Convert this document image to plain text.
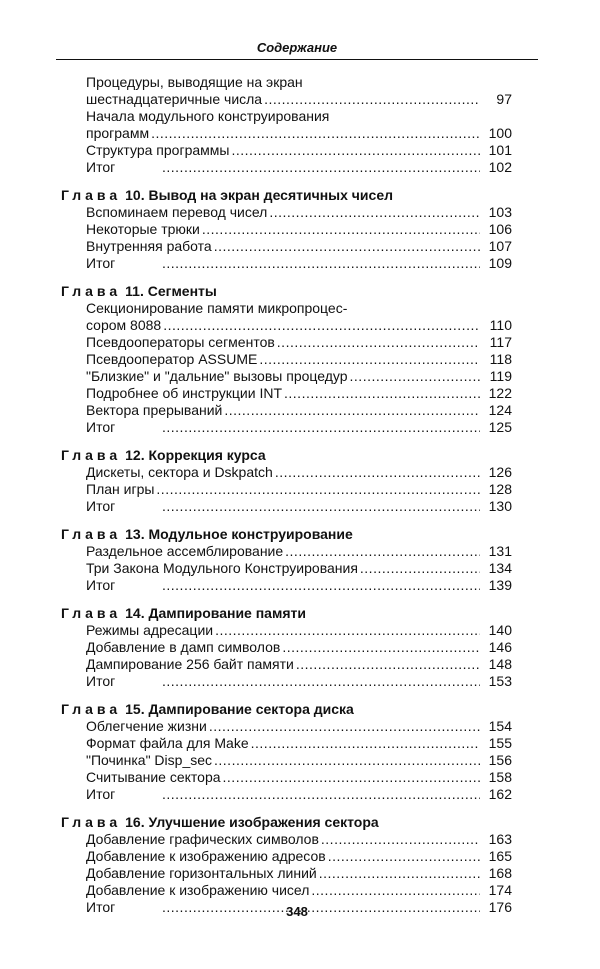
Содержание
Процедуры, выводящие на экран
шестнадцатеричные числа .....	97
Начала модульного конструирования
программ .....	100
Структура программы .....	101
Итог .....	102
Глава 10. Вывод на экран десятичных чисел
Вспоминаем перевод чисел .....	103
Некоторые трюки .....	106
Внутренняя работа .....	107
Итог .....	109
Глава 11. Сегменты
Секционирование памяти микропроцес-
сором 8088 .....	110
Псевдооператоры сегментов .....	117
Псевдооператор ASSUME .....	118
"Близкие" и "дальние" вызовы процедур .....	119
Подробнее об инструкции INT .....	122
Вектора прерываний .....	124
Итог .....	125
Глава 12. Коррекция курса
Дискеты, сектора и Dskpatch .....	126
План игры .....	128
Итог .....	130
Глава 13. Модульное конструирование
Раздельное ассемблирование .....	131
Три Закона Модульного Конструирования .....	134
Итог .....	139
Глава 14. Дампирование памяти
Режимы адресации .....	140
Добавление в дамп символов .....	146
Дампирование 256 байт памяти .....	148
Итог .....	153
Глава 15. Дампирование сектора диска
Облегчение жизни .....	154
Формат файла для Make .....	155
"Починка" Disp_sec .....	156
Считывание сектора .....	158
Итог .....	162
Глава 16. Улучшение изображения сектора
Добавление графических символов .....	163
Добавление к изображению адресов .....	165
Добавление горизонтальных линий .....	168
Добавление к изображению чисел .....	174
Итог .....	176
348
